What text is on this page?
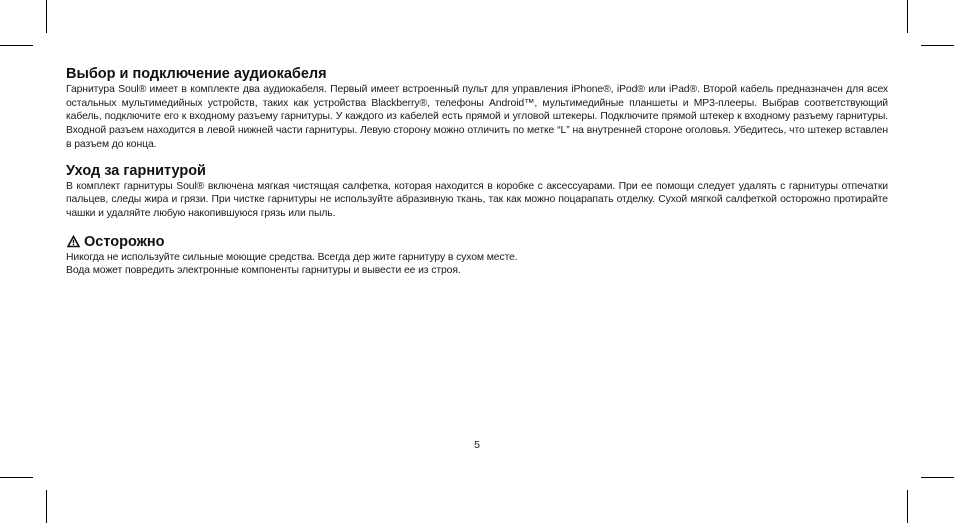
Выбор и подключение аудиокабеля

Гарнитура Soul® имеет в комплекте два аудиокабеля. Первый имеет встроенный пульт для управления iPhone®, iPod® или iPad®. Второй кабель предназначен для всех остальных мультимедийных устройств, таких как устройства Blackberry®, телефоны Android™, мультимедийные планшеты и MP3-плееры. Выбрав соответствующий кабель, подключите его к входному разъему гарнитуры. У каждого из кабелей есть прямой и угловой штекеры. Подключите прямой штекер к входному разъему гарнитуры. Входной разъем находится в левой нижней части гарнитуры. Левую сторону можно отличить по метке “L” на внутренней стороне оголовья. Убедитесь, что штекер вставлен в разъем до конца.

Уход за гарнитурой

В комплект гарнитуры Soul® включена мягкая чистящая салфетка, которая находится в коробке с аксессуарами. При ее помощи следует удалять с гарнитуры отпечатки пальцев, следы жира и грязи. При чистке гарнитуры не используйте абразивную ткань, так как можно поцарапать отделку. Сухой мягкой салфеткой осторожно протирайте чашки и удаляйте любую накопившуюся грязь или пыль.

Осторожно

Никогда не используйте сильные моющие средства. Всегда дер жите гарнитуру в сухом месте.

Вода может повредить электронные компоненты гарнитуры и вывести ее из строя.

5
